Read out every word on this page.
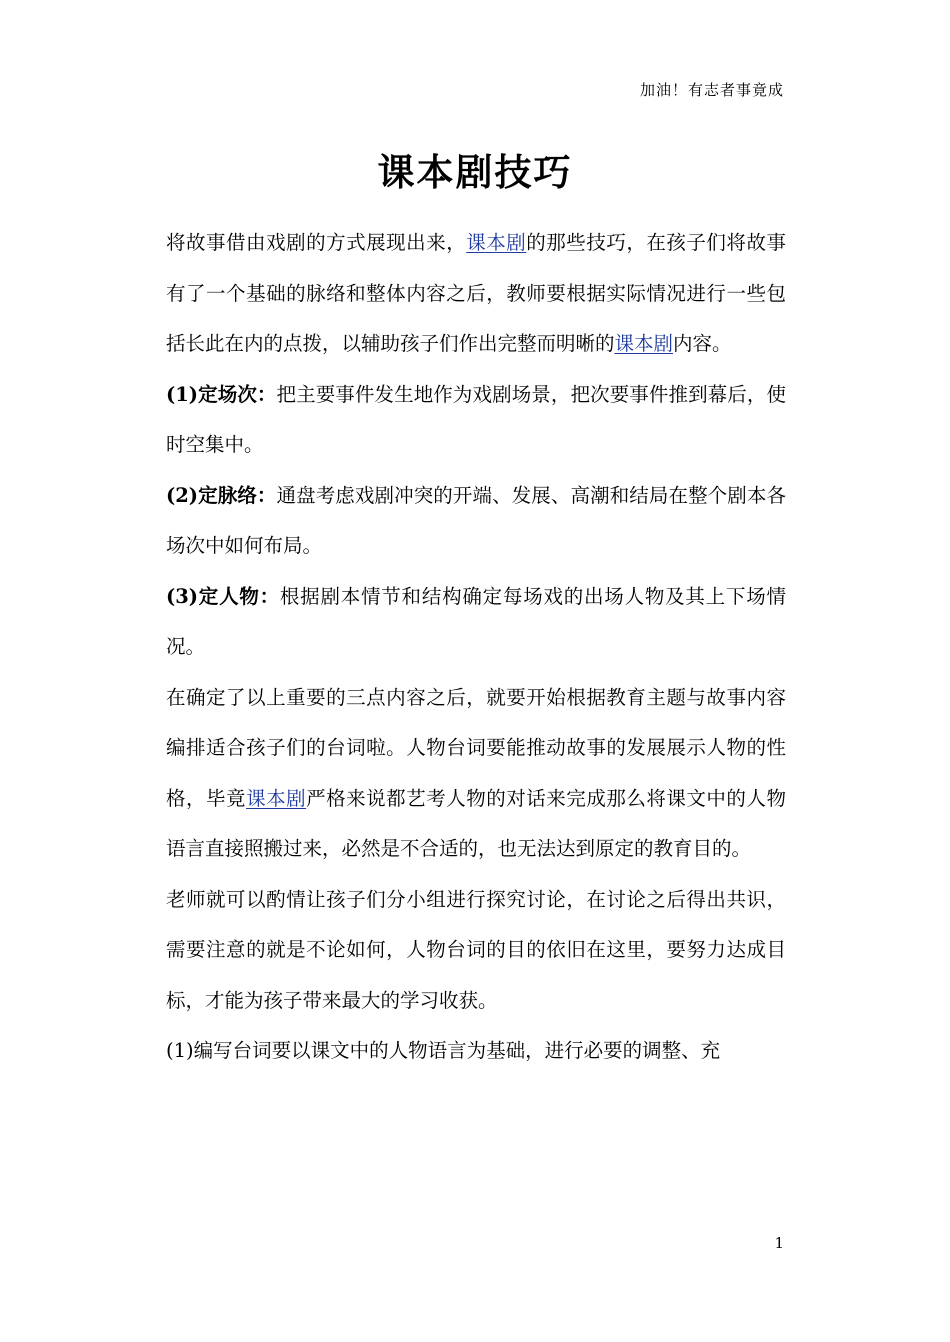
加油！有志者事竟成
课本剧技巧
将故事借由戏剧的方式展现出来，课本剧的那些技巧，在孩子们将故事有了一个基础的脉络和整体内容之后，教师要根据实际情况进行一些包括长此在内的点拨，以辅助孩子们作出完整而明晰的课本剧内容。
(1)定场次：把主要事件发生地作为戏剧场景，把次要事件推到幕后，使时空集中。
(2)定脉络：通盘考虑戏剧冲突的开端、发展、高潮和结局在整个剧本各场次中如何布局。
(3)定人物：根据剧本情节和结构确定每场戏的出场人物及其上下场情况。
在确定了以上重要的三点内容之后，就要开始根据教育主题与故事内容编排适合孩子们的台词啦。人物台词要能推动故事的发展展示人物的性格，毕竟课本剧严格来说都艺考人物的对话来完成那么将课文中的人物语言直接照搬过来，必然是不合适的，也无法达到原定的教育目的。
老师就可以酌情让孩子们分小组进行探究讨论，在讨论之后得出共识，需要注意的就是不论如何，人物台词的目的依旧在这里，要努力达成目标，才能为孩子带来最大的学习收获。
(1)编写台词要以课文中的人物语言为基础，进行必要的调整、充
1
